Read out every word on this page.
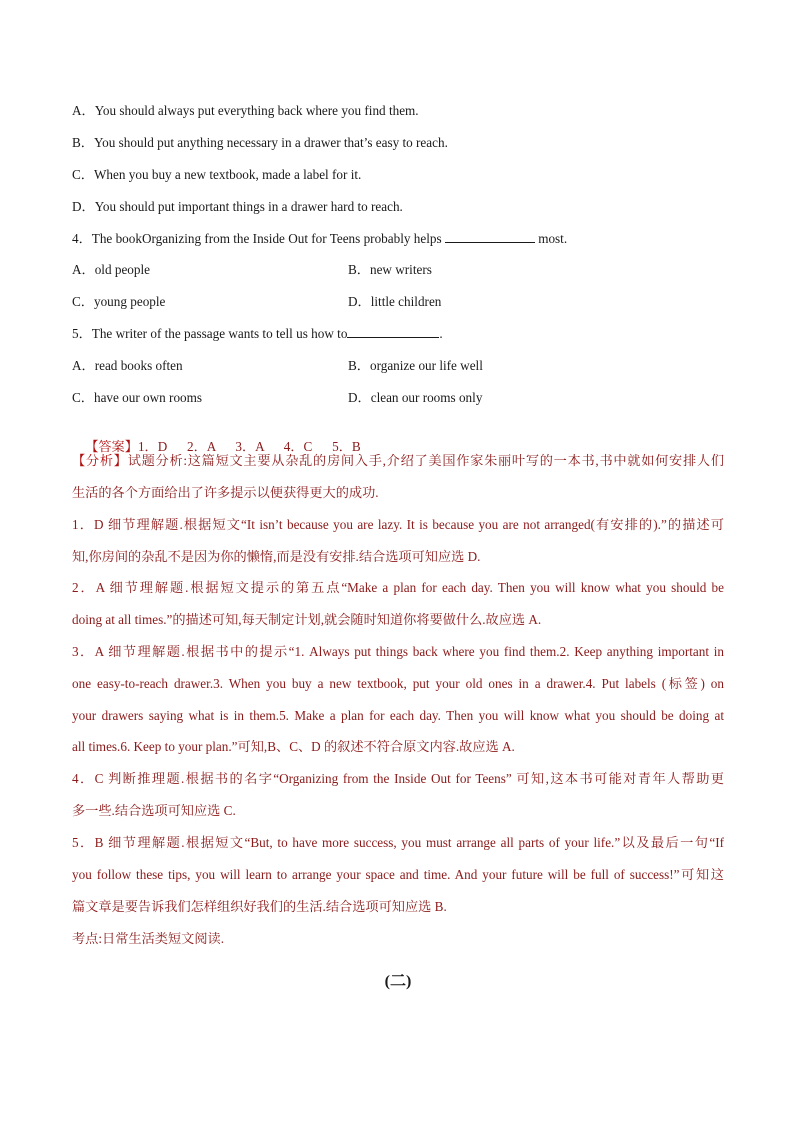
A．You should always put everything back where you find them.
B．You should put anything necessary in a drawer that’s easy to reach.
C．When you buy a new textbook, made a label for it.
D．You should put important things in a drawer hard to reach.
4．The bookOrganizing from the Inside Out for Teens probably helps	most.
A．old people	B．new writers
C．young people	D．little children
5．The writer of the passage wants to tell us how to	.
A．read books often	B．organize our life well
C．have our own rooms	D．clean our rooms only

【答案】1．D      2．A      3．A      4．C      5．B

【分析】试题分析:这篇短文主要从杂乱的房间入手,介绍了美国作家朱丽叶写的一本书,书中就如何安排人们
生活的各个方面给出了许多提示以便获得更大的成功.
1．D 细节理解题.根据短文“It isn’t because you are lazy. It is because you are not arranged(有安排的).”的描述可
知,你房间的杂乱不是因为你的懒惰,而是没有安排.结合选项可知应选 D.
2．A 细节理解题.根据短文提示的第五点“Make a plan for each day. Then you will know what you should be
doing at all times.”的描述可知,每天制定计划,就会随时知道你将要做什么.故应选 A.
3．A 细节理解题.根据书中的提示“1. Always put things back where you find them.2. Keep anything important in
one easy-to-reach drawer.3. When you buy a new textbook, put your old ones in a drawer.4. Put labels (标签) on
your drawers saying what is in them.5. Make a plan for each day. Then you will know what you should be doing at
all times.6. Keep to your plan.”可知,B、C、D 的叙述不符合原文内容.故应选 A.
4．C 判断推理题.根据书的名字“Organizing from the Inside Out for Teens” 可知,这本书可能对青年人帮助更
多一些.结合选项可知应选 C.
5．B 细节理解题.根据短文“But, to have more success, you must arrange all parts of your life.”以及最后一句“If
you follow these tips, you will learn to arrange your space and time. And your future will be full of success!”可知这
篇文章是要告诉我们怎样组织好我们的生活.结合选项可知应选 B.
考点:日常生活类短文阅读.
(二)
